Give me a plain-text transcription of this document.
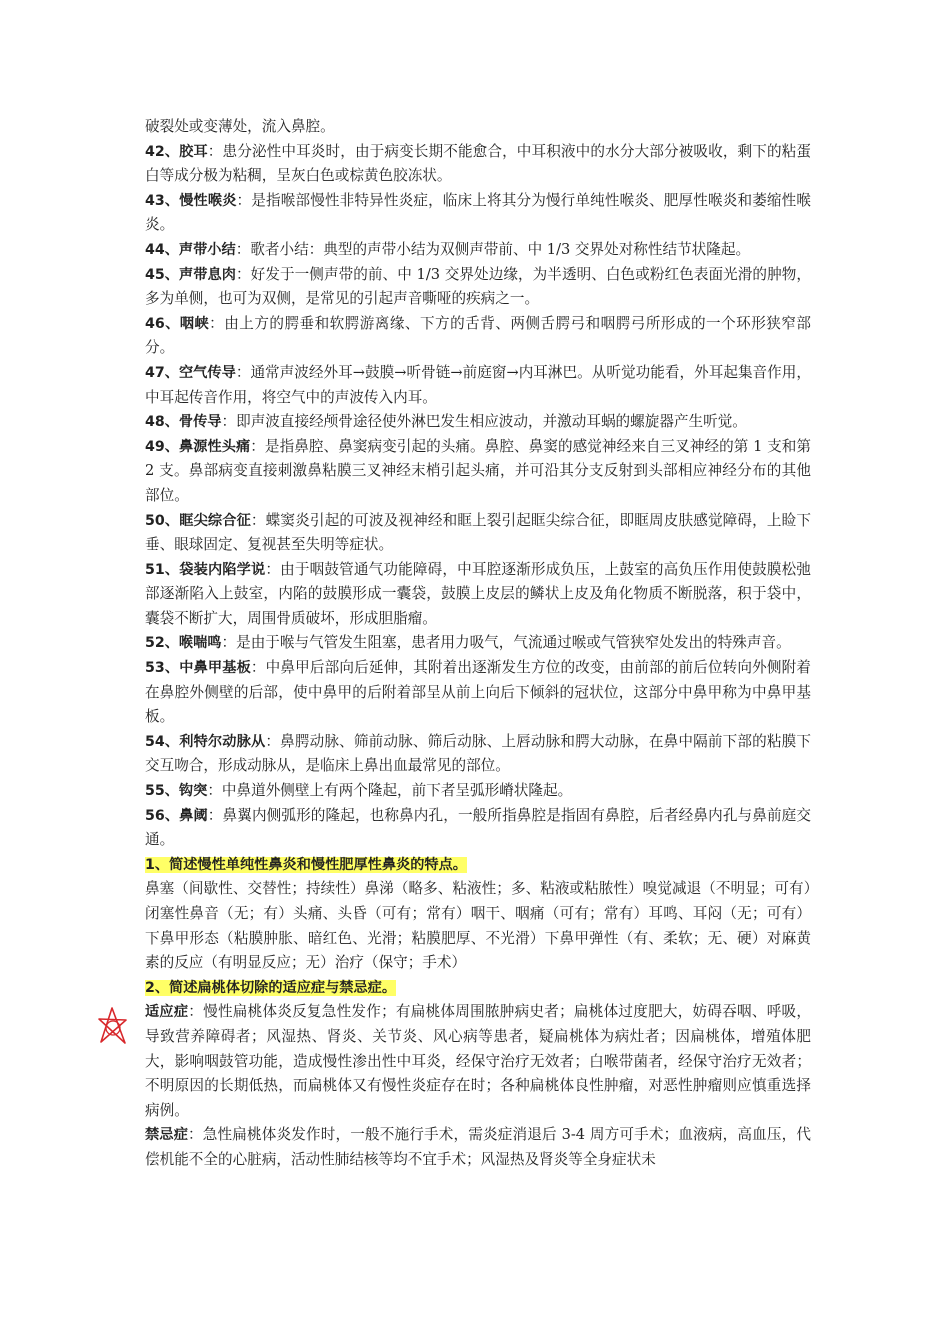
破裂处或变薄处，流入鼻腔。

42、胶耳：患分泌性中耳炎时，由于病变长期不能愈合，中耳积液中的水分大部分被吸收，剩下的粘蛋白等成分极为粘稠，呈灰白色或棕黄色胶冻状。

43、慢性喉炎：是指喉部慢性非特异性炎症，临床上将其分为慢行单纯性喉炎、肥厚性喉炎和萎缩性喉炎。

44、声带小结：歌者小结：典型的声带小结为双侧声带前、中 1/3 交界处对称性结节状隆起。

45、声带息肉：好发于一侧声带的前、中 1/3 交界处边缘，为半透明、白色或粉红色表面光滑的肿物，多为单侧，也可为双侧，是常见的引起声音嘶哑的疾病之一。

46、咽峡：由上方的腭垂和软腭游离缘、下方的舌背、两侧舌腭弓和咽腭弓所形成的一个环形狭窄部分。

47、空气传导：通常声波经外耳→鼓膜→听骨链→前庭窗→内耳淋巴。从听觉功能看，外耳起集音作用，中耳起传音作用，将空气中的声波传入内耳。

48、骨传导：即声波直接经颅骨途径使外淋巴发生相应波动，并激动耳蜗的螺旋器产生听觉。

49、鼻源性头痛：是指鼻腔、鼻窦病变引起的头痛。鼻腔、鼻窦的感觉神经来自三叉神经的第 1 支和第 2 支。鼻部病变直接刺激鼻粘膜三叉神经末梢引起头痛，并可沿其分支反射到头部相应神经分布的其他部位。

50、眶尖综合征：蝶窦炎引起的可波及视神经和眶上裂引起眶尖综合征，即眶周皮肤感觉障碍，上睑下垂、眼球固定、复视甚至失明等症状。

51、袋装内陷学说：由于咽鼓管通气功能障碍，中耳腔逐渐形成负压，上鼓室的高负压作用使鼓膜松弛部逐渐陷入上鼓室，内陷的鼓膜形成一囊袋，鼓膜上皮层的鳞状上皮及角化物质不断脱落，积于袋中，囊袋不断扩大，周围骨质破坏，形成胆脂瘤。

52、喉喘鸣：是由于喉与气管发生阻塞，患者用力吸气，气流通过喉或气管狭窄处发出的特殊声音。

53、中鼻甲基板：中鼻甲后部向后延伸，其附着出逐渐发生方位的改变，由前部的前后位转向外侧附着在鼻腔外侧壁的后部，使中鼻甲的后附着部呈从前上向后下倾斜的冠状位，这部分中鼻甲称为中鼻甲基板。

54、利特尔动脉从：鼻腭动脉、筛前动脉、筛后动脉、上唇动脉和腭大动脉，在鼻中隔前下部的粘膜下交互吻合，形成动脉从，是临床上鼻出血最常见的部位。

55、钩突：中鼻道外侧壁上有两个隆起，前下者呈弧形嵴状隆起。

56、鼻阈：鼻翼内侧弧形的隆起，也称鼻内孔，一般所指鼻腔是指固有鼻腔，后者经鼻内孔与鼻前庭交通。

1、简述慢性单纯性鼻炎和慢性肥厚性鼻炎的特点。

鼻塞（间歇性、交替性；持续性）鼻涕（略多、粘液性；多、粘液或粘脓性）嗅觉减退（不明显；可有）闭塞性鼻音（无；有）头痛、头昏（可有；常有）咽干、咽痛（可有；常有）耳鸣、耳闷（无；可有）下鼻甲形态（粘膜肿胀、暗红色、光滑；粘膜肥厚、不光滑）下鼻甲弹性（有、柔软；无、硬）对麻黄素的反应（有明显反应；无）治疗（保守；手术）

2、简述扁桃体切除的适应症与禁忌症。

适应症：慢性扁桃体炎反复急性发作；有扁桃体周围脓肿病史者；扁桃体过度肥大，妨碍吞咽、呼吸，导致营养障碍者；风湿热、肾炎、关节炎、风心病等患者，疑扁桃体为病灶者；因扁桃体，增殖体肥大，影响咽鼓管功能，造成慢性渗出性中耳炎，经保守治疗无效者；白喉带菌者，经保守治疗无效者；不明原因的长期低热，而扁桃体又有慢性炎症存在时；各种扁桃体良性肿瘤，对恶性肿瘤则应慎重选择病例。

禁忌症：急性扁桃体炎发作时，一般不施行手术，需炎症消退后 3-4 周方可手术；血液病，高血压，代偿机能不全的心脏病，活动性肺结核等均不宜手术；风湿热及肾炎等全身症状未
